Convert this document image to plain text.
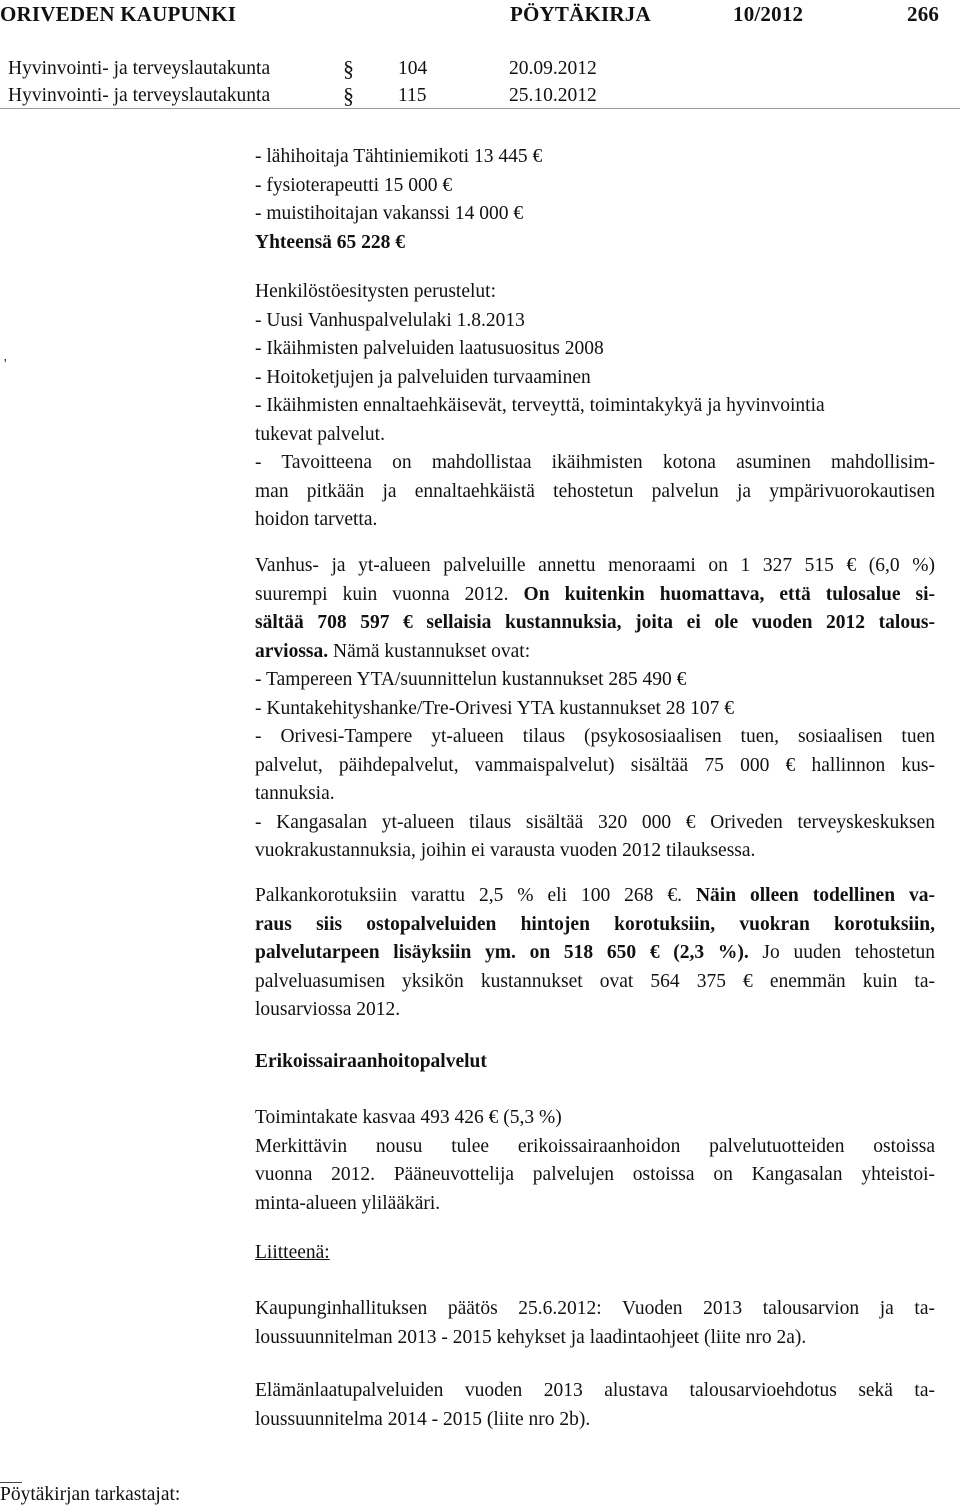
ORIVEDEN KAUPUNKI	PÖYTÄKIRJA	10/2012	266
Hyvinvointi- ja terveyslautakunta	§ 104	20.09.2012
Hyvinvointi- ja terveyslautakunta	§ 115	25.10.2012
'
- lähihoitaja Tähtiniemikoti 13 445 €
- fysioterapeutti 15 000 €
- muistihoitajan vakanssi 14 000 €
Yhteensä 65 228 €
Henkilöstöesitysten perustelut:
- Uusi Vanhuspalvelulaki 1.8.2013
- Ikäihmisten palveluiden laatusuositus 2008
- Hoitoketjujen ja palveluiden turvaaminen
- Ikäihmisten ennaltaehkäisevät, terveyttä, toimintakykyä ja hyvinvointia
tukevat palvelut.
- Tavoitteena on mahdollistaa ikäihmisten kotona asuminen mahdollisim-
man pitkään ja ennaltaehkäistä tehostetun palvelun ja ympärivuorokautisen
hoidon tarvetta.
Vanhus- ja yt-alueen palveluille annettu menoraami on 1 327 515 € (6,0 %)
suurempi kuin vuonna 2012. On kuitenkin huomattava, että tulosalue si-
sältää 708 597 € sellaisia kustannuksia, joita ei ole vuoden 2012 talous-
arviossa. Nämä kustannukset ovat:
- Tampereen YTA/suunnittelun kustannukset 285 490 €
- Kuntakehityshanke/Tre-Orivesi YTA kustannukset 28 107 €
- Orivesi-Tampere yt-alueen tilaus (psykososiaalisen tuen, sosiaalisen tuen
palvelut, päihdepalvelut, vammaispalvelut) sisältää 75 000 € hallinnon kus-
tannuksia.
- Kangasalan yt-alueen tilaus sisältää 320 000 € Oriveden terveyskeskuksen
vuokrakustannuksia, joihin ei varausta vuoden 2012 tilauksessa.
Palkankorotuksiin varattu 2,5 % eli 100 268 €. Näin olleen todellinen va-
raus siis ostopalveluiden hintojen korotuksiin, vuokran korotuksiin,
palvelutarpeen lisäyksiin ym. on 518 650 € (2,3 %). Jo uuden tehostetun
palveluasumisen yksikön kustannukset ovat 564 375 € enemmän kuin ta-
lousarviossa 2012.
Erikoissairaanhoitopalvelut
Toimintakate kasvaa 493 426 € (5,3 %)
Merkittävin nousu tulee erikoissairaanhoidon palvelutuotteiden ostoissa
vuonna 2012. Pääneuvottelija palvelujen ostoissa on Kangasalan yhteistoi-
minta-alueen ylilääkäri.
Liitteenä:
Kaupunginhallituksen päätös 25.6.2012: Vuoden 2013 talousarvion ja ta-
loussuunnitelman 2013 - 2015 kehykset ja laadintaohjeet (liite nro 2a).
Elämänlaatupalveluiden vuoden 2013 alustava talousarvioehdotus sekä ta-
loussuunnitelma 2014 - 2015 (liite nro 2b).
Pöytäkirjan tarkastajat:
